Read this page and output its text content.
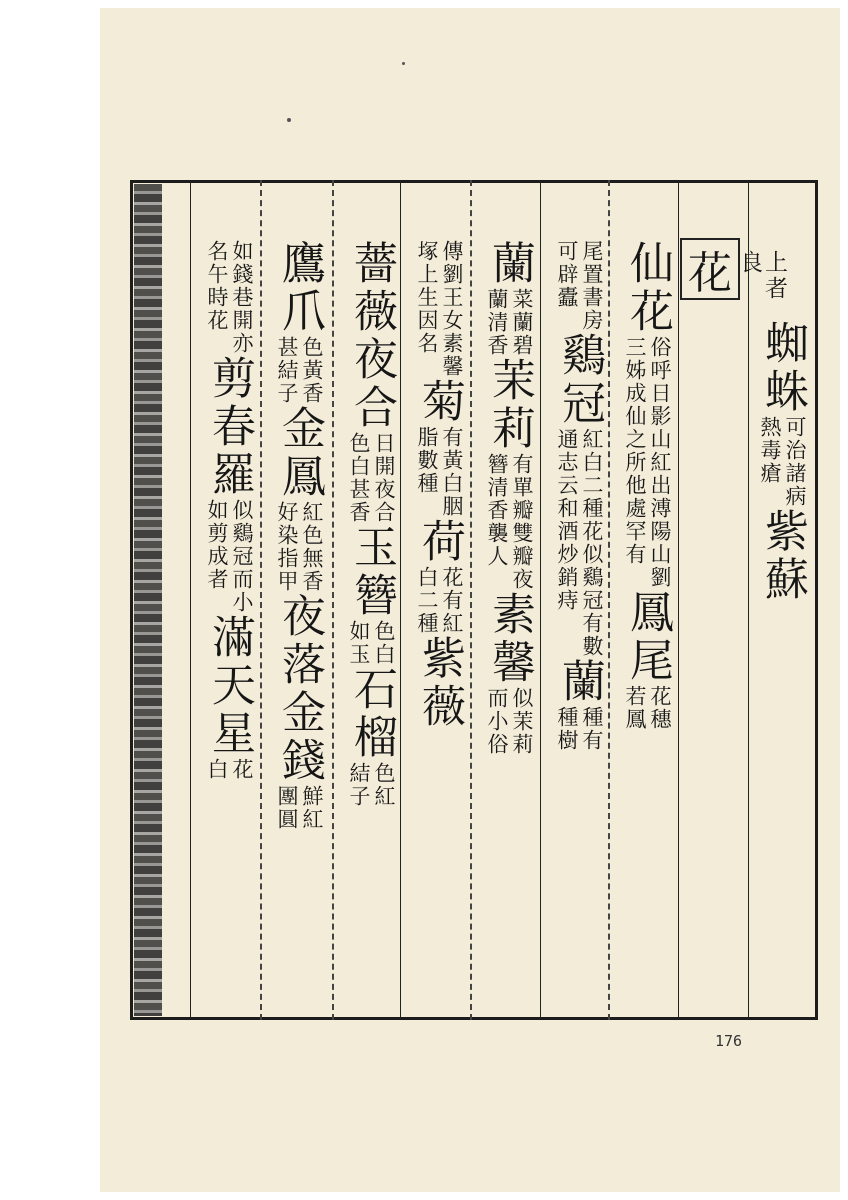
花	上者
良
蜘蛛
可治諸病
熱毒瘡
紫蘇
仙花
俗呼日影山紅出溥陽山劉
三姊成仙之所他處罕有
鳳尾
花穗
若鳳
尾置書房
可辟蠹
鷄冠
紅白二種花似鷄冠有數
通志云和酒炒銷痔
蘭
種有
種樹
蘭
菜蘭碧
蘭清香
茉莉
有單瓣雙瓣夜
簪清香襲人
素馨
似茉莉
而小俗
傳劉王女素馨
塚上生因名
菊
有黃白胭
脂數種
荷
花有紅
白二種
紫薇
薔薇
夜合
日開夜合
色白甚香
玉簪
色白
如玉
石榴
色紅
結子
鷹爪
色黃香
甚結子
金鳳
紅色無香
好染指甲
夜落金錢
鮮紅
團圓
如錢巷開亦
名午時花
剪春羅
似鷄冠而小
如剪成者
滿天星
花
白
176
